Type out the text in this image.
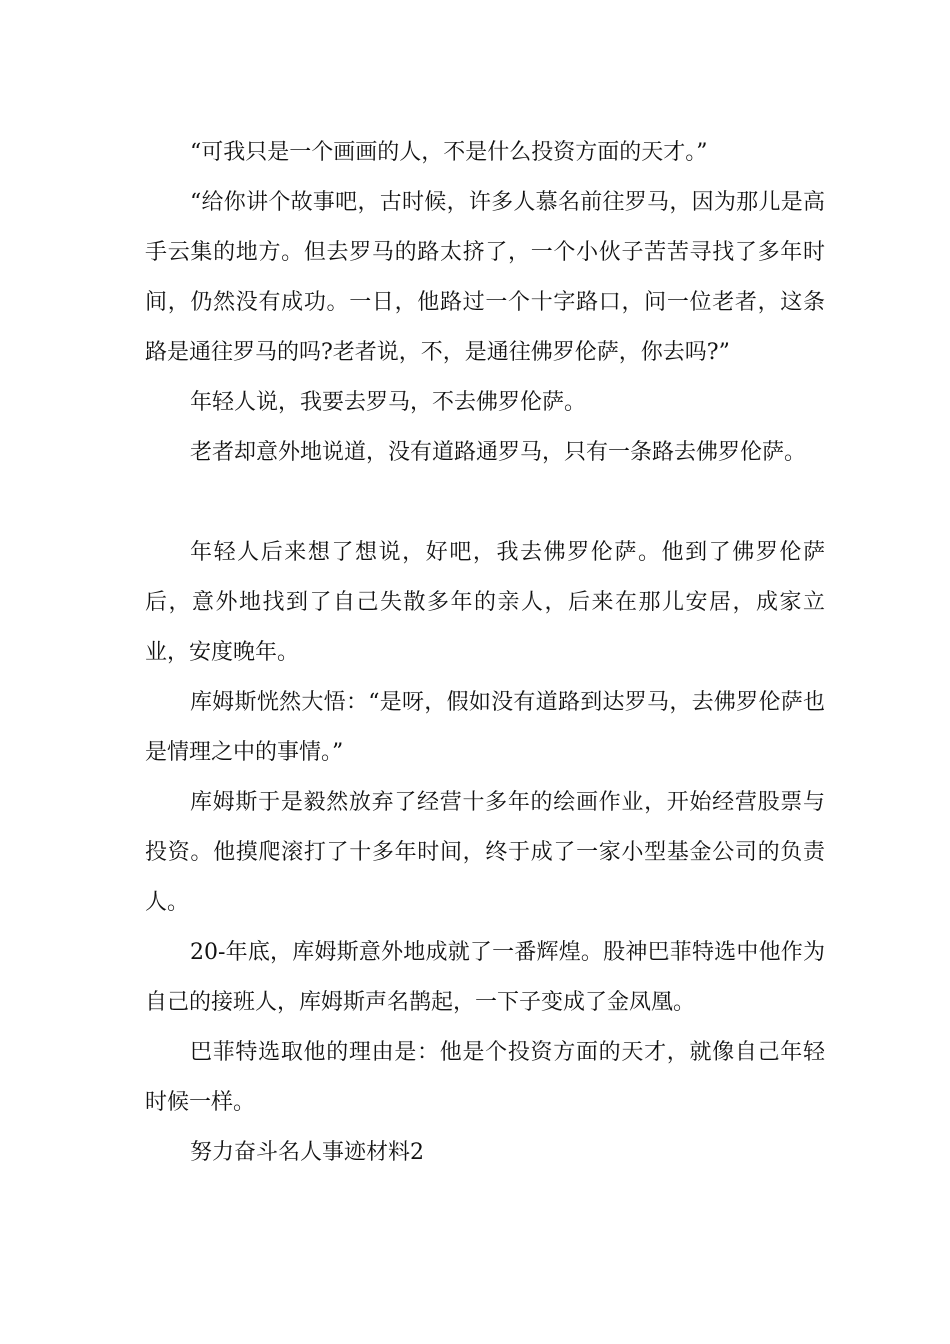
“可我只是一个画画的人，不是什么投资方面的天才。”

“给你讲个故事吧，古时候，许多人慕名前往罗马，因为那儿是高手云集的地方。但去罗马的路太挤了，一个小伙子苦苦寻找了多年时间，仍然没有成功。一日，他路过一个十字路口，问一位老者，这条路是通往罗马的吗?老者说，不，是通往佛罗伦萨，你去吗?”

年轻人说，我要去罗马，不去佛罗伦萨。

老者却意外地说道，没有道路通罗马，只有一条路去佛罗伦萨。

年轻人后来想了想说，好吧，我去佛罗伦萨。他到了佛罗伦萨后，意外地找到了自己失散多年的亲人，后来在那儿安居，成家立业，安度晚年。

库姆斯恍然大悟：“是呀，假如没有道路到达罗马，去佛罗伦萨也是情理之中的事情。”

库姆斯于是毅然放弃了经营十多年的绘画作业，开始经营股票与投资。他摸爬滚打了十多年时间，终于成了一家小型基金公司的负责人。

20-年底，库姆斯意外地成就了一番辉煌。股神巴菲特选中他作为自己的接班人，库姆斯声名鹊起，一下子变成了金凤凰。

巴菲特选取他的理由是：他是个投资方面的天才，就像自己年轻时候一样。

努力奋斗名人事迹材料2
